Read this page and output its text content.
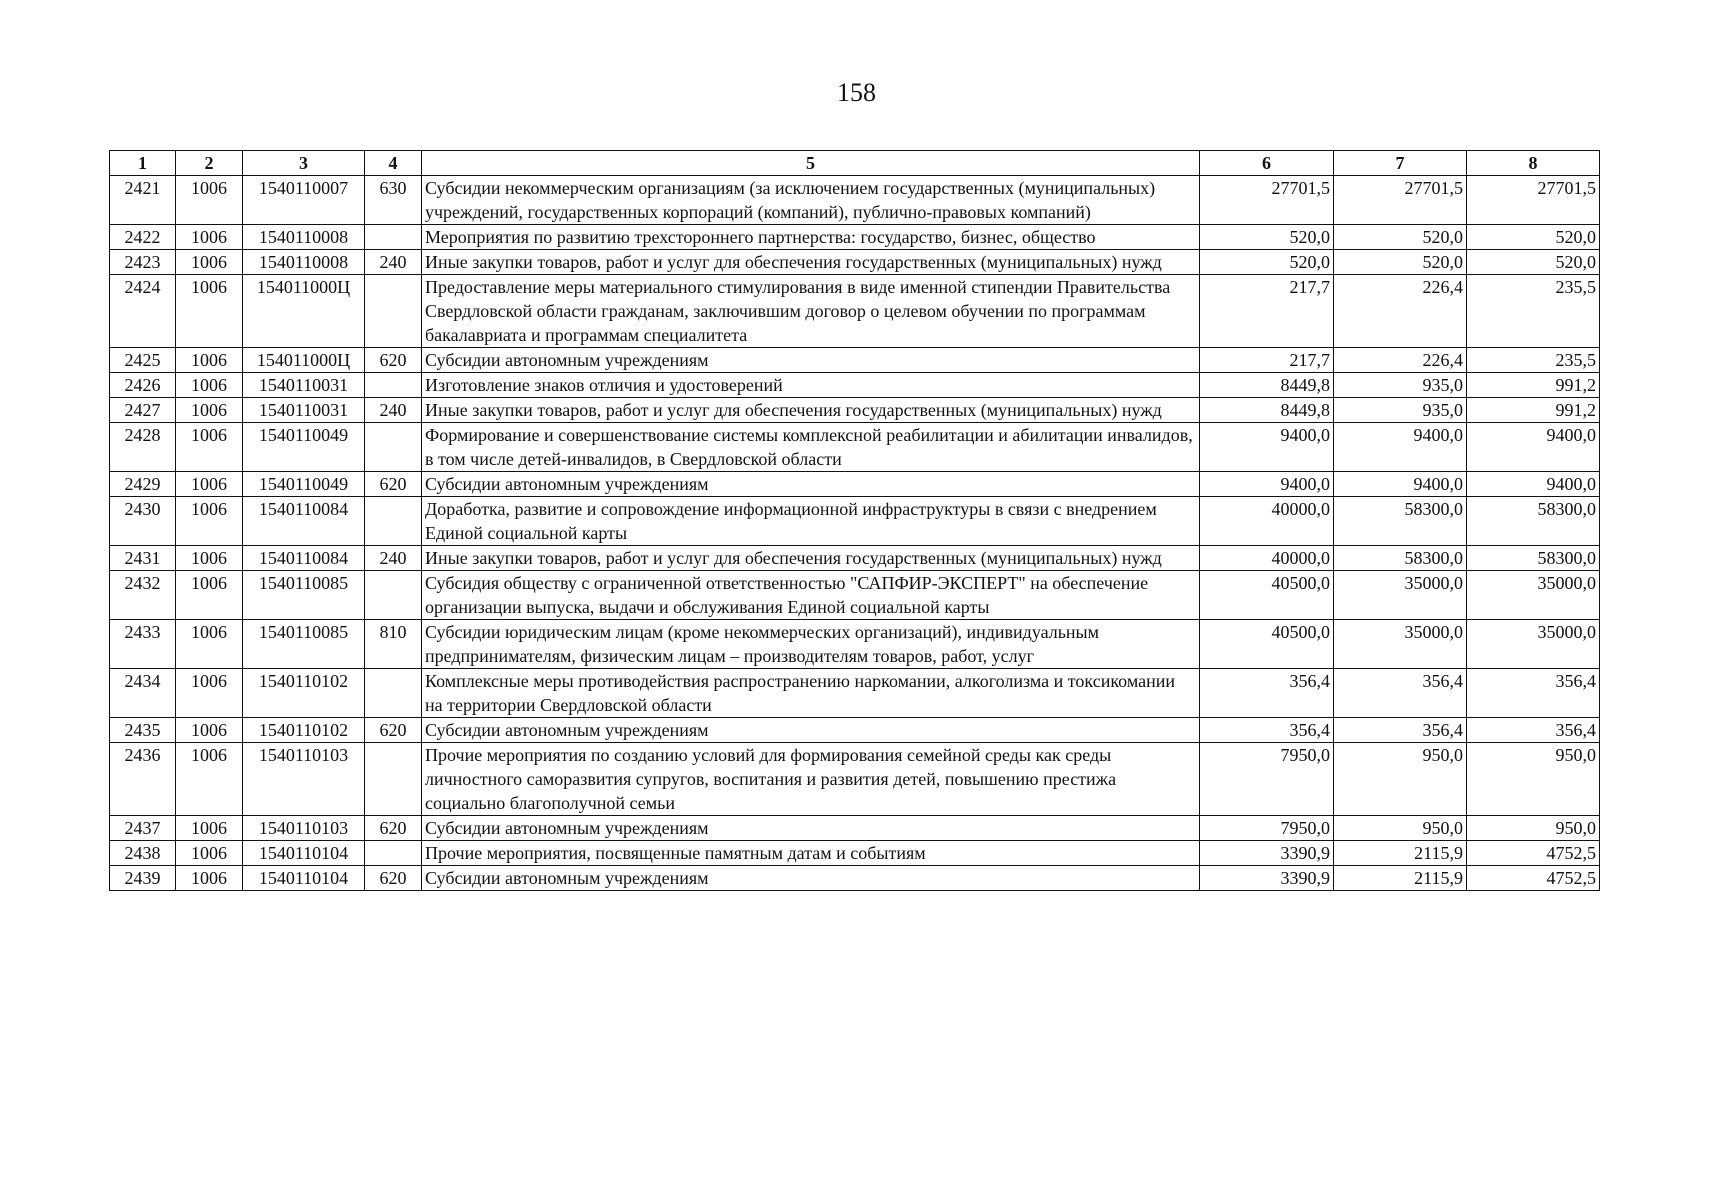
158
1	2	3	4	5	6	7	8
2421	1006	1540110007	630	Субсидии некоммерческим организациям (за исключением государственных (муниципальных) учреждений, государственных корпораций (компаний), публично-правовых компаний)	27701,5	27701,5	27701,5
2422	1006	1540110008		Мероприятия по развитию трехстороннего партнерства: государство, бизнес, общество	520,0	520,0	520,0
2423	1006	1540110008	240	Иные закупки товаров, работ и услуг для обеспечения государственных (муниципальных) нужд	520,0	520,0	520,0
2424	1006	154011000Ц		Предоставление меры материального стимулирования в виде именной стипендии Правительства Свердловской области гражданам, заключившим договор о целевом обучении по программам бакалавриата и программам специалитета	217,7	226,4	235,5
2425	1006	154011000Ц	620	Субсидии автономным учреждениям	217,7	226,4	235,5
2426	1006	1540110031		Изготовление знаков отличия и удостоверений	8449,8	935,0	991,2
2427	1006	1540110031	240	Иные закупки товаров, работ и услуг для обеспечения государственных (муниципальных) нужд	8449,8	935,0	991,2
2428	1006	1540110049		Формирование и совершенствование системы комплексной реабилитации и абилитации инвалидов, в том числе детей-инвалидов, в Свердловской области	9400,0	9400,0	9400,0
2429	1006	1540110049	620	Субсидии автономным учреждениям	9400,0	9400,0	9400,0
2430	1006	1540110084		Доработка, развитие и сопровождение информационной инфраструктуры в связи с внедрением Единой социальной карты	40000,0	58300,0	58300,0
2431	1006	1540110084	240	Иные закупки товаров, работ и услуг для обеспечения государственных (муниципальных) нужд	40000,0	58300,0	58300,0
2432	1006	1540110085		Субсидия обществу с ограниченной ответственностью "САПФИР-ЭКСПЕРТ" на обеспечение организации выпуска, выдачи и обслуживания Единой социальной карты	40500,0	35000,0	35000,0
2433	1006	1540110085	810	Субсидии юридическим лицам (кроме некоммерческих организаций), индивидуальным предпринимателям, физическим лицам – производителям товаров, работ, услуг	40500,0	35000,0	35000,0
2434	1006	1540110102		Комплексные меры противодействия распространению наркомании, алкоголизма и токсикомании на территории Свердловской области	356,4	356,4	356,4
2435	1006	1540110102	620	Субсидии автономным учреждениям	356,4	356,4	356,4
2436	1006	1540110103		Прочие мероприятия по созданию условий для формирования семейной среды как среды личностного саморазвития супругов, воспитания и развития детей, повышению престижа социально благополучной семьи	7950,0	950,0	950,0
2437	1006	1540110103	620	Субсидии автономным учреждениям	7950,0	950,0	950,0
2438	1006	1540110104		Прочие мероприятия, посвященные памятным датам и событиям	3390,9	2115,9	4752,5
2439	1006	1540110104	620	Субсидии автономным учреждениям	3390,9	2115,9	4752,5
